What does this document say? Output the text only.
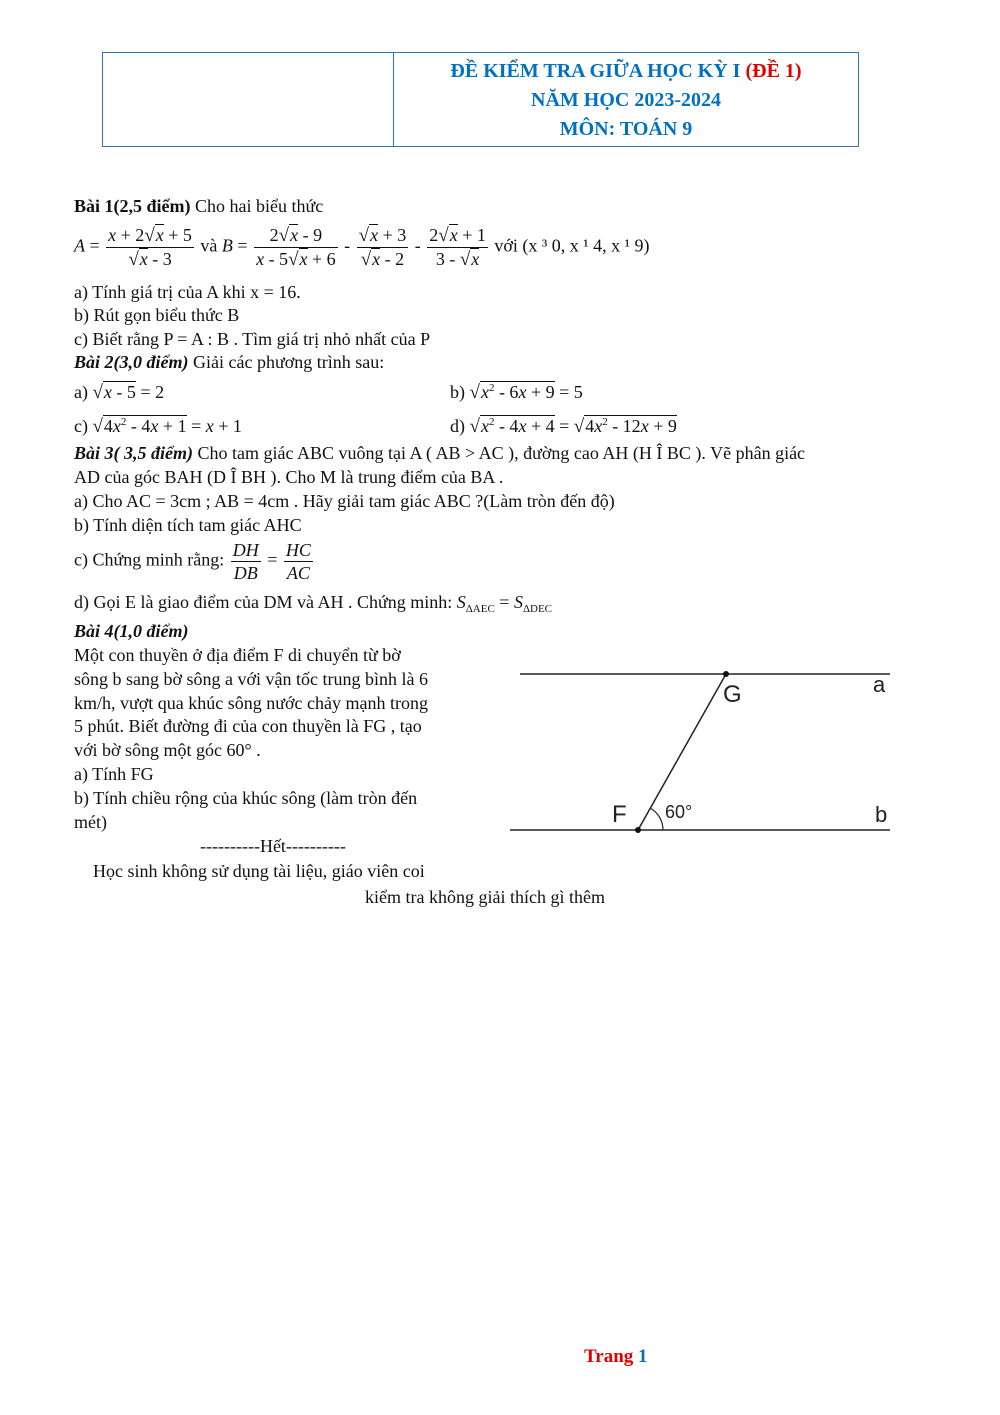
ĐỀ KIỂM TRA GIỮA HỌC KỲ I (ĐỀ 1)
NĂM HỌC 2023-2024
MÔN: TOÁN 9
Bài 1(2,5 điểm) Cho hai biểu thức
$A = \frac{x + 2√x + 5}{√x - 3}$ và $B = \frac{2√x - 9}{x - 5√x + 6} - \frac{√x + 3}{√x - 2} - \frac{2√x + 1}{3 - √x}$ với (x ³ 0, x ¹ 4, x ¹ 9)
a) Tính giá trị của A khi x = 16.
b) Rút gọn biểu thức B
c) Biết rằng P = A : B . Tìm giá trị nhỏ nhất của P
Bài 2(3,0 điểm) Giải các phương trình sau:
a) √x - 5 = 2	b) $√x^2 - 6x + 9 = 5$
c) $√4x^2 - 4x + 1 = x + 1$	d) $√x^2 - 4x + 4 = √4x^2 - 12x + 9$
Bài 3( 3,5 điểm) Cho tam giác ABC vuông tại A ( AB > AC ), đường cao AH (H Î BC ). Vẽ phân giác
AD của góc BAH (D Î BH ). Cho M là trung điểm của BA .
a) Cho AC = 3cm ; AB = 4cm . Hãy giải tam giác ABC ?(Làm tròn đến độ)
b) Tính diện tích tam giác AHC
c) Chứng minh rằng: $\frac{DH}{DB} = \frac{HC}{AC}$
d) Gọi E là giao điểm của DM và AH . Chứng minh: $S_{\Delta AEC} = S_{\Delta DEC}$
Bài 4(1,0 điểm)
Một con thuyền ở địa điểm F di chuyển từ bờ
sông b sang bờ sông a với vận tốc trung bình là 6
km/h, vượt qua khúc sông nước chảy mạnh trong
5 phút. Biết đường đi của con thuyền là FG , tạo
với bờ sông một góc 60° .
a) Tính FG
b) Tính chiều rộng của khúc sông (làm tròn đến
mét)
G	a
F 60°	b
----------Hết----------
Học sinh không sử dụng tài liệu, giáo viên coi
kiểm tra không giải thích gì thêm
Trang 1
